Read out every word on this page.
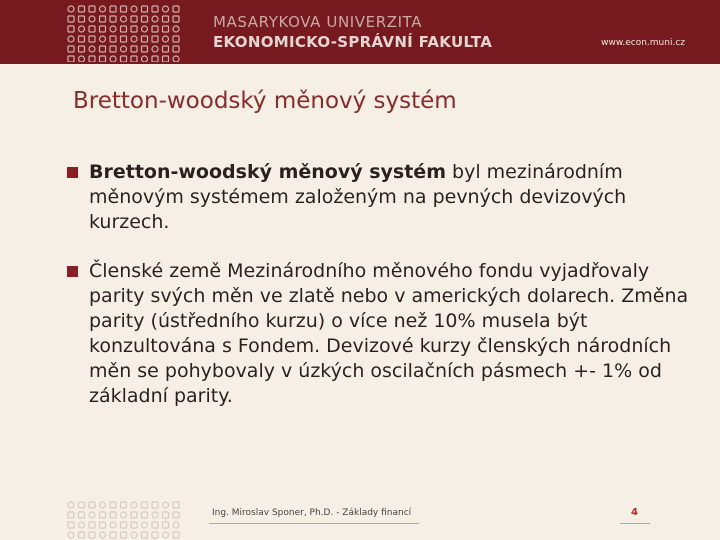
MASARYKOVA UNIVERZITA
EKONOMICKO-SPRÁVNÍ FAKULTA	www.econ.muni.cz
Bretton-woodský měnový systém

Bretton-woodský měnový systém byl mezinárodním měnovým systémem založeným na pevných devizových kurzech.

Členské země Mezinárodního měnového fondu vyjadřovaly parity svých měn ve zlatě nebo v amerických dolarech. Změna parity (ústředního kurzu) o více než 10% musela být konzultována s Fondem. Devizové kurzy členských národních měn se pohybovaly v úzkých oscilačních pásmech +- 1% od základní parity.

Ing. Miroslav Sponer, Ph.D. - Základy financí	4
